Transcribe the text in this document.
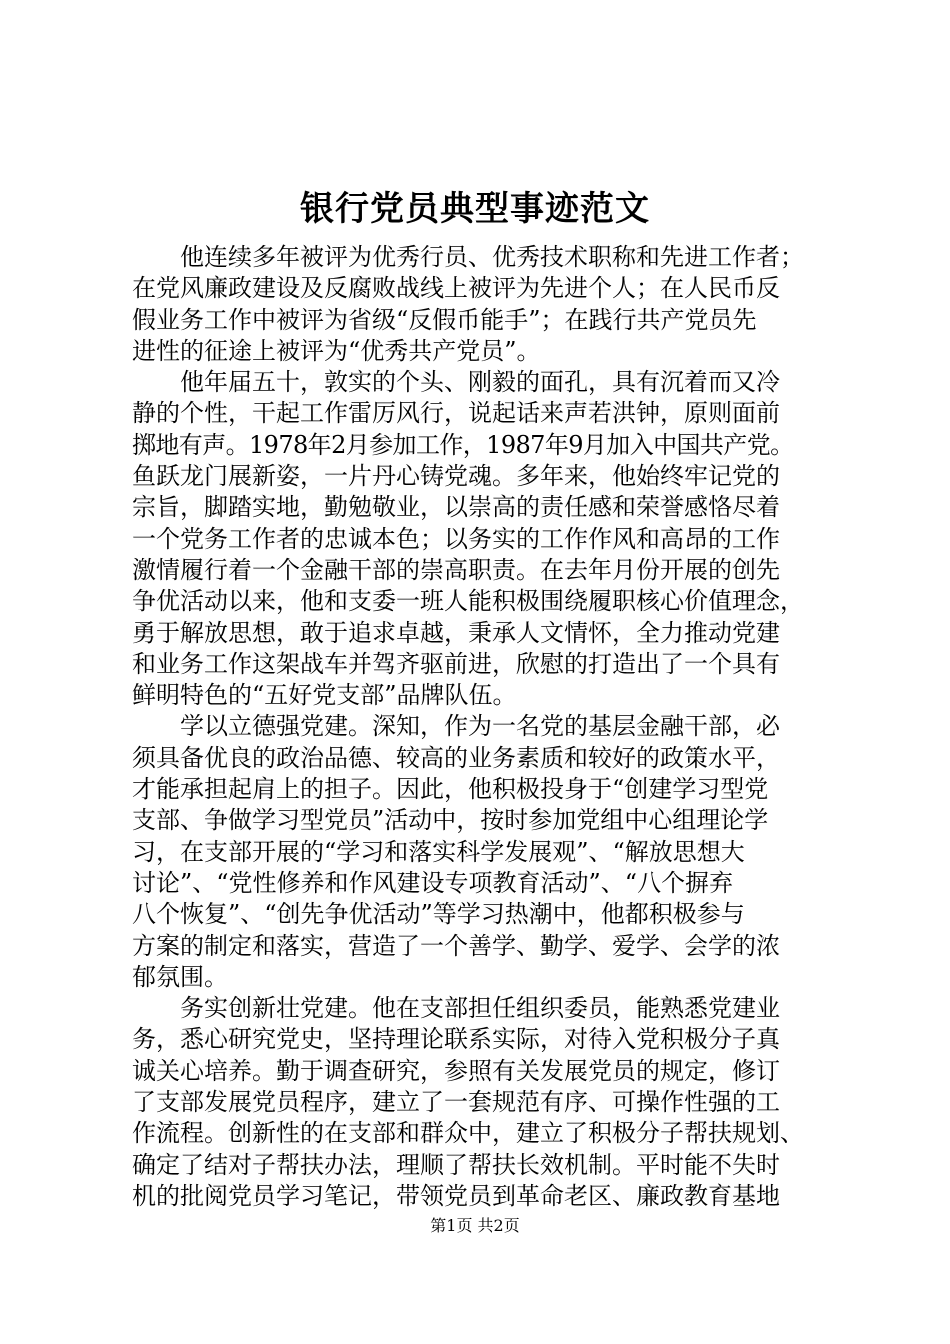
银行党员典型事迹范文
他连续多年被评为优秀行员、优秀技术职称和先进工作者；
在党风廉政建设及反腐败战线上被评为先进个人；在人民币反
假业务工作中被评为省级“反假币能手”；在践行共产党员先
进性的征途上被评为“优秀共产党员”。
他年届五十，敦实的个头、刚毅的面孔，具有沉着而又冷
静的个性，干起工作雷厉风行，说起话来声若洪钟，原则面前
掷地有声。1978年2月参加工作，1987年9月加入中国共产党。
鱼跃龙门展新姿，一片丹心铸党魂。多年来，他始终牢记党的
宗旨，脚踏实地，勤勉敬业，以崇高的责任感和荣誉感恪尽着
一个党务工作者的忠诚本色；以务实的工作作风和高昂的工作
激情履行着一个金融干部的崇高职责。在去年月份开展的创先
争优活动以来，他和支委一班人能积极围绕履职核心价值理念，
勇于解放思想，敢于追求卓越，秉承人文情怀，全力推动党建
和业务工作这架战车并驾齐驱前进，欣慰的打造出了一个具有
鲜明特色的“五好党支部”品牌队伍。
学以立德强党建。深知，作为一名党的基层金融干部，必
须具备优良的政治品德、较高的业务素质和较好的政策水平，
才能承担起肩上的担子。因此，他积极投身于“创建学习型党
支部、争做学习型党员”活动中，按时参加党组中心组理论学
习，在支部开展的“学习和落实科学发展观”、“解放思想大
讨论”、“党性修养和作风建设专项教育活动”、“八个摒弃
八个恢复”、“创先争优活动”等学习热潮中，他都积极参与
方案的制定和落实，营造了一个善学、勤学、爱学、会学的浓
郁氛围。
务实创新壮党建。他在支部担任组织委员，能熟悉党建业
务，悉心研究党史，坚持理论联系实际，对待入党积极分子真
诚关心培养。勤于调查研究，参照有关发展党员的规定，修订
了支部发展党员程序，建立了一套规范有序、可操作性强的工
作流程。创新性的在支部和群众中，建立了积极分子帮扶规划、
确定了结对子帮扶办法，理顺了帮扶长效机制。平时能不失时
机的批阅党员学习笔记，带领党员到革命老区、廉政教育基地
第1页 共2页
